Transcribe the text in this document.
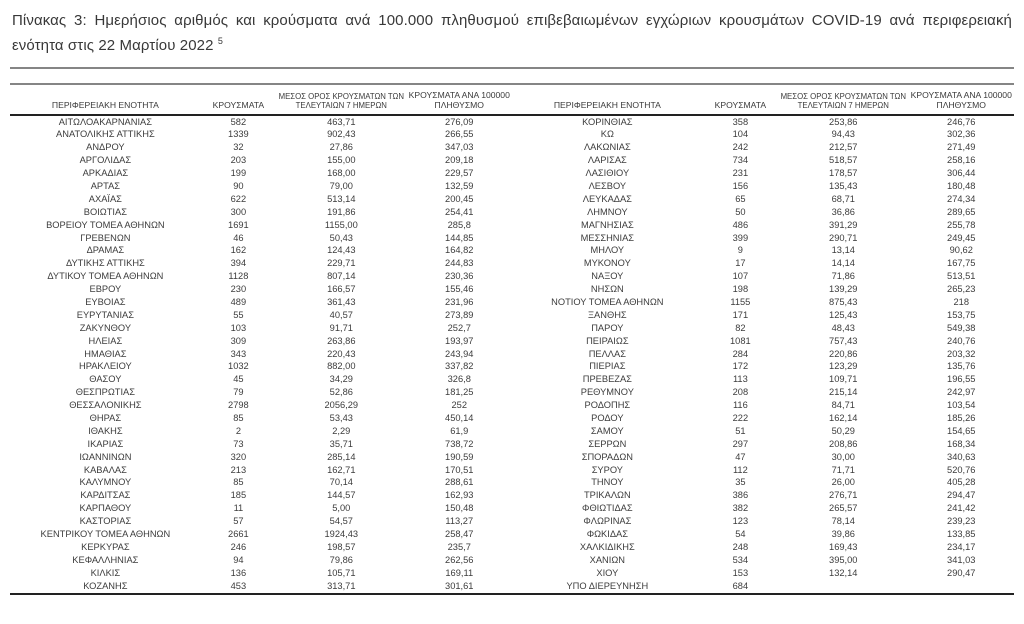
Πίνακας 3: Ημερήσιος αριθμός και κρούσματα ανά 100.000 πληθυσμού επιβεβαιωμένων εγχώριων κρουσμάτων COVID-19 ανά περιφερειακή ενότητα στις 22 Μαρτίου 2022 $^5$
ΠΕΡΙΦΕΡΕΙΑΚΗ ΕΝΟΤΗΤΑ	ΚΡΟΥΣΜΑΤΑ	ΜΕΣΟΣ ΟΡΟΣ ΚΡΟΥΣΜΑΤΩΝ ΤΩΝ ΤΕΛΕΥΤΑΙΩΝ 7 ΗΜΕΡΩΝ	ΚΡΟΥΣΜΑΤΑ ΑΝΑ 100000 ΠΛΗΘΥΣΜΟ	ΠΕΡΙΦΕΡΕΙΑΚΗ ΕΝΟΤΗΤΑ	ΚΡΟΥΣΜΑΤΑ	ΜΕΣΟΣ ΟΡΟΣ ΚΡΟΥΣΜΑΤΩΝ ΤΩΝ ΤΕΛΕΥΤΑΙΩΝ 7 ΗΜΕΡΩΝ	ΚΡΟΥΣΜΑΤΑ ΑΝΑ 100000 ΠΛΗΘΥΣΜΟ
ΑΙΤΩΛΟΑΚΑΡΝΑΝΙΑΣ	582	463,71	276,09	ΚΟΡΙΝΘΙΑΣ	358	253,86	246,76
ΑΝΑΤΟΛΙΚΗΣ ΑΤΤΙΚΗΣ	1339	902,43	266,55	ΚΩ	104	94,43	302,36
ΑΝΔΡΟΥ	32	27,86	347,03	ΛΑΚΩΝΙΑΣ	242	212,57	271,49
ΑΡΓΟΛΙΔΑΣ	203	155,00	209,18	ΛΑΡΙΣΑΣ	734	518,57	258,16
ΑΡΚΑΔΙΑΣ	199	168,00	229,57	ΛΑΣΙΘΙΟΥ	231	178,57	306,44
ΑΡΤΑΣ	90	79,00	132,59	ΛΕΣΒΟΥ	156	135,43	180,48
ΑΧΑΪΑΣ	622	513,14	200,45	ΛΕΥΚΑΔΑΣ	65	68,71	274,34
ΒΟΙΩΤΙΑΣ	300	191,86	254,41	ΛΗΜΝΟΥ	50	36,86	289,65
ΒΟΡΕΙΟΥ ΤΟΜΕΑ ΑΘΗΝΩΝ	1691	1155,00	285,8	ΜΑΓΝΗΣΙΑΣ	486	391,29	255,78
ΓΡΕΒΕΝΩΝ	46	50,43	144,85	ΜΕΣΣΗΝΙΑΣ	399	290,71	249,45
ΔΡΑΜΑΣ	162	124,43	164,82	ΜΗΛΟΥ	9	13,14	90,62
ΔΥΤΙΚΗΣ ΑΤΤΙΚΗΣ	394	229,71	244,83	ΜΥΚΟΝΟΥ	17	14,14	167,75
ΔΥΤΙΚΟΥ ΤΟΜΕΑ ΑΘΗΝΩΝ	1128	807,14	230,36	ΝΑΞΟΥ	107	71,86	513,51
ΕΒΡΟΥ	230	166,57	155,46	ΝΗΣΩΝ	198	139,29	265,23
ΕΥΒΟΙΑΣ	489	361,43	231,96	ΝΟΤΙΟΥ ΤΟΜΕΑ ΑΘΗΝΩΝ	1155	875,43	218
ΕΥΡΥΤΑΝΙΑΣ	55	40,57	273,89	ΞΑΝΘΗΣ	171	125,43	153,75
ΖΑΚΥΝΘΟΥ	103	91,71	252,7	ΠΑΡΟΥ	82	48,43	549,38
ΗΛΕΙΑΣ	309	263,86	193,97	ΠΕΙΡΑΙΩΣ	1081	757,43	240,76
ΗΜΑΘΙΑΣ	343	220,43	243,94	ΠΕΛΛΑΣ	284	220,86	203,32
ΗΡΑΚΛΕΙΟΥ	1032	882,00	337,82	ΠΙΕΡΙΑΣ	172	123,29	135,76
ΘΑΣΟΥ	45	34,29	326,8	ΠΡΕΒΕΖΑΣ	113	109,71	196,55
ΘΕΣΠΡΩΤΙΑΣ	79	52,86	181,25	ΡΕΘΥΜΝΟΥ	208	215,14	242,97
ΘΕΣΣΑΛΟΝΙΚΗΣ	2798	2056,29	252	ΡΟΔΟΠΗΣ	116	84,71	103,54
ΘΗΡΑΣ	85	53,43	450,14	ΡΟΔΟΥ	222	162,14	185,26
ΙΘΑΚΗΣ	2	2,29	61,9	ΣΑΜΟΥ	51	50,29	154,65
ΙΚΑΡΙΑΣ	73	35,71	738,72	ΣΕΡΡΩΝ	297	208,86	168,34
ΙΩΑΝΝΙΝΩΝ	320	285,14	190,59	ΣΠΟΡΑΔΩΝ	47	30,00	340,63
ΚΑΒΑΛΑΣ	213	162,71	170,51	ΣΥΡΟΥ	112	71,71	520,76
ΚΑΛΥΜΝΟΥ	85	70,14	288,61	ΤΗΝΟΥ	35	26,00	405,28
ΚΑΡΔΙΤΣΑΣ	185	144,57	162,93	ΤΡΙΚΑΛΩΝ	386	276,71	294,47
ΚΑΡΠΑΘΟΥ	11	5,00	150,48	ΦΘΙΩΤΙΔΑΣ	382	265,57	241,42
ΚΑΣΤΟΡΙΑΣ	57	54,57	113,27	ΦΛΩΡΙΝΑΣ	123	78,14	239,23
ΚΕΝΤΡΙΚΟΥ ΤΟΜΕΑ ΑΘΗΝΩΝ	2661	1924,43	258,47	ΦΩΚΙΔΑΣ	54	39,86	133,85
ΚΕΡΚΥΡΑΣ	246	198,57	235,7	ΧΑΛΚΙΔΙΚΗΣ	248	169,43	234,17
ΚΕΦΑΛΛΗΝΙΑΣ	94	79,86	262,56	ΧΑΝΙΩΝ	534	395,00	341,03
ΚΙΛΚΙΣ	136	105,71	169,11	ΧΙΟΥ	153	132,14	290,47
ΚΟΖΑΝΗΣ	453	313,71	301,61	ΥΠΟ ΔΙΕΡΕΥΝΗΣΗ	684		
